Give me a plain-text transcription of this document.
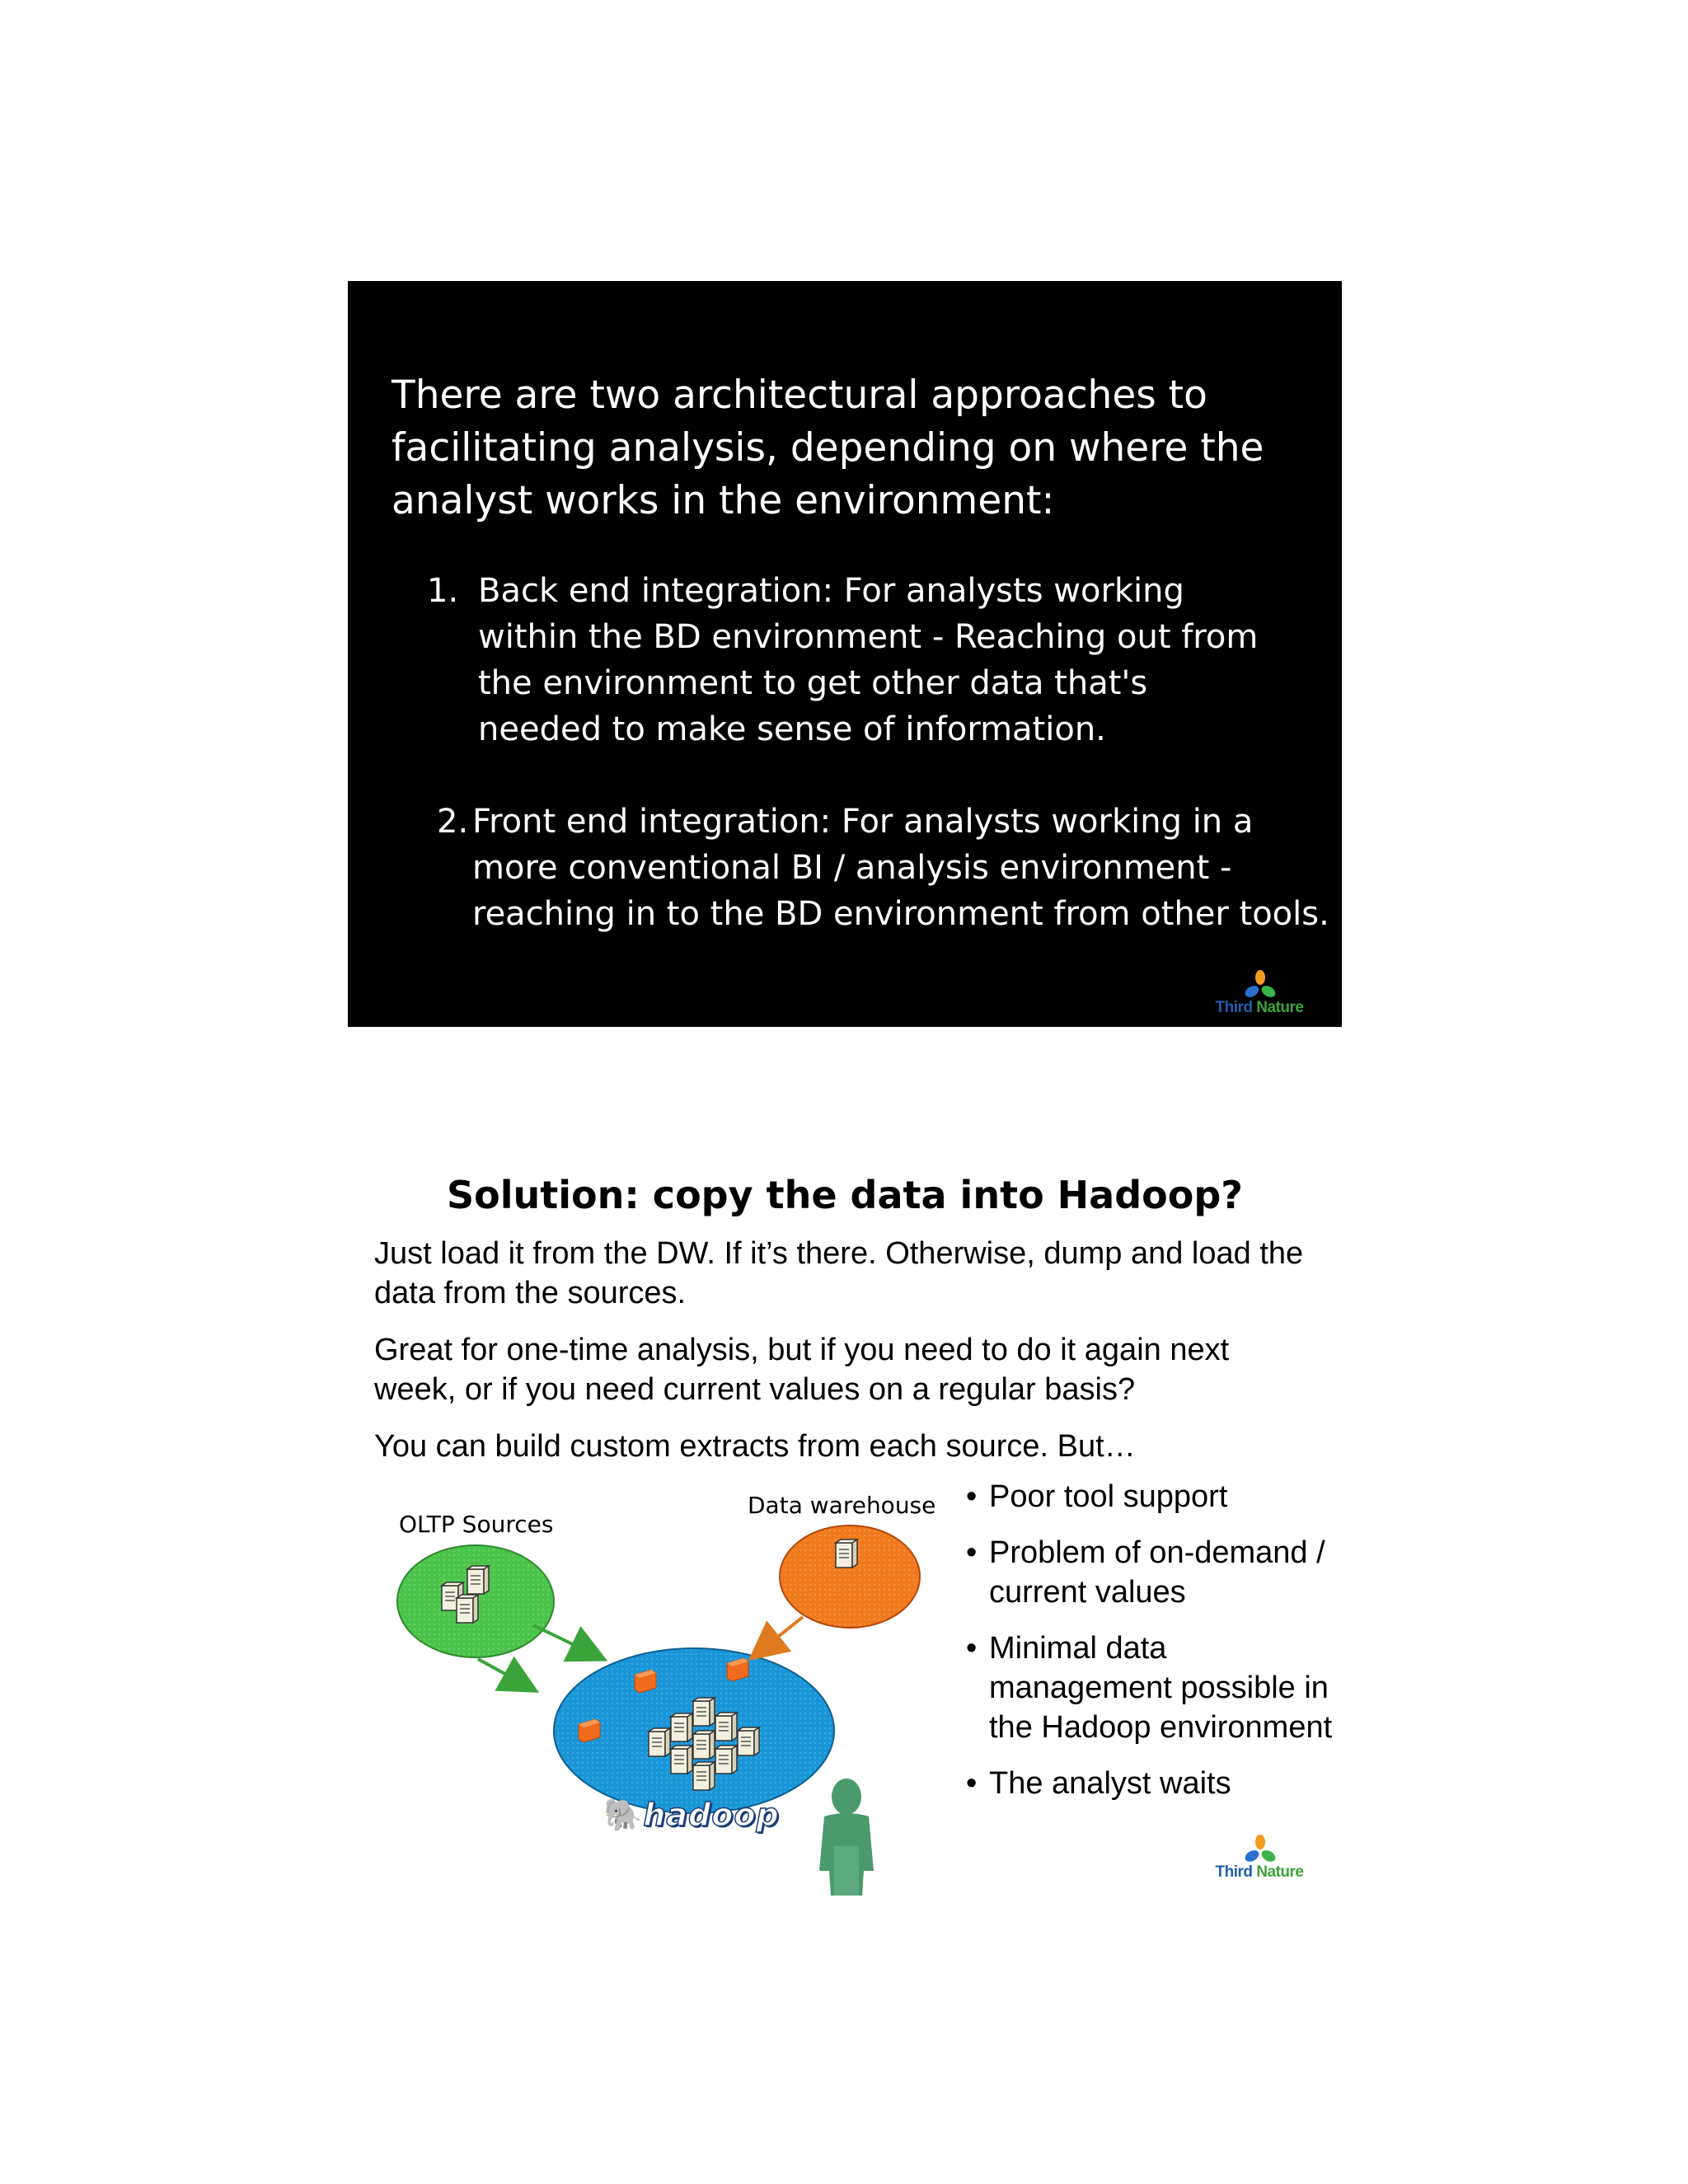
There are two architectural approaches to facilitating analysis, depending on where the analyst works in the environment:

1. Back end integration: For analysts working within the BD environment - Reaching out from the environment to get other data that's needed to make sense of information.
2. Front end integration: For analysts working in a more conventional BI / analysis environment - reaching in to the BD environment from other tools.
Third Nature
Solution: copy the data into Hadoop?

Just load it from the DW. If it’s there. Otherwise, dump and load the data from the sources.

Great for one-time analysis, but if you need to do it again next week, or if you need current values on a regular basis?

You can build custom extracts from each source. But…

OLTP Sources
Data warehouse
🐘hadoop
• Poor tool support
• Problem of on-demand / current values
• Minimal data management possible in the Hadoop environment
• The analyst waits
Third Nature
